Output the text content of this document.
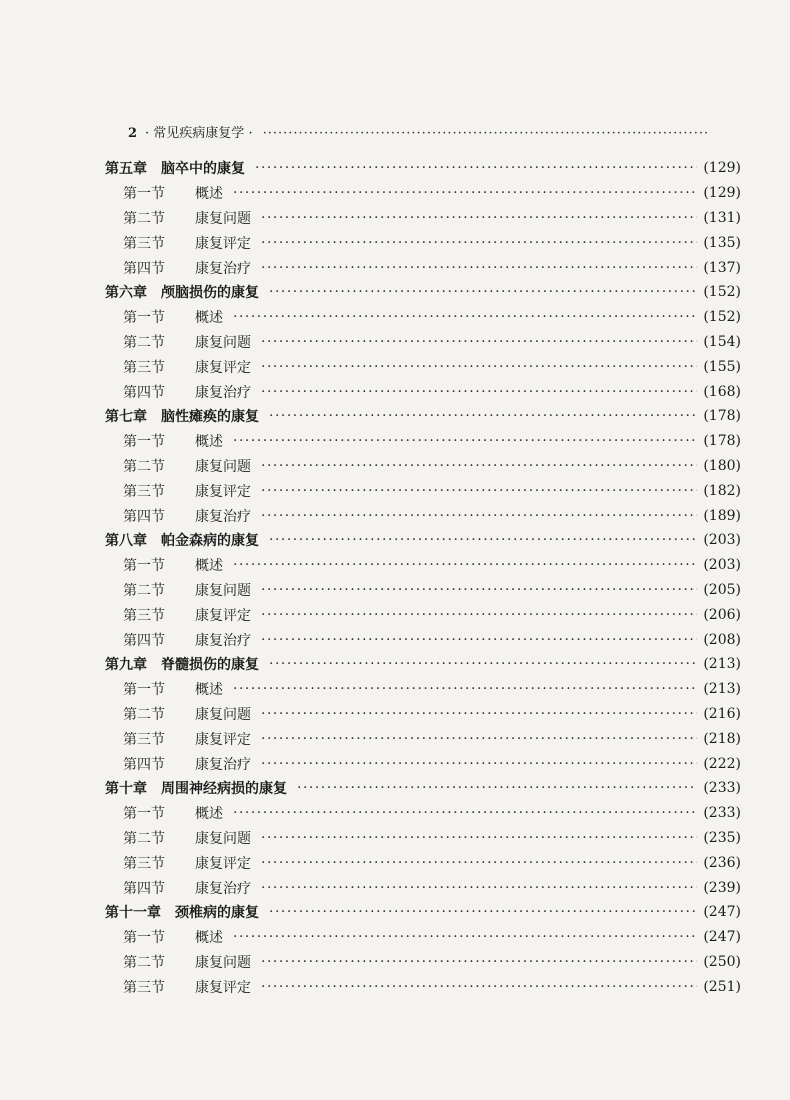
2 · 常见疾病康复学 · ·······················································································
第五章 脑卒中的康复 ·····	(129)
第一节 概述 ·····	(129)
第二节 康复问题 ·····	(131)
第三节 康复评定 ·····	(135)
第四节 康复治疗 ·····	(137)
第六章 颅脑损伤的康复 ·····	(152)
第一节 概述 ·····	(152)
第二节 康复问题 ·····	(154)
第三节 康复评定 ·····	(155)
第四节 康复治疗 ·····	(168)
第七章 脑性瘫痪的康复 ·····	(178)
第一节 概述 ·····	(178)
第二节 康复问题 ·····	(180)
第三节 康复评定 ·····	(182)
第四节 康复治疗 ·····	(189)
第八章 帕金森病的康复 ·····	(203)
第一节 概述 ·····	(203)
第二节 康复问题 ·····	(205)
第三节 康复评定 ·····	(206)
第四节 康复治疗 ·····	(208)
第九章 脊髓损伤的康复 ·····	(213)
第一节 概述 ·····	(213)
第二节 康复问题 ·····	(216)
第三节 康复评定 ·····	(218)
第四节 康复治疗 ·····	(222)
第十章 周围神经病损的康复 ·····	(233)
第一节 概述 ·····	(233)
第二节 康复问题 ·····	(235)
第三节 康复评定 ·····	(236)
第四节 康复治疗 ·····	(239)
第十一章 颈椎病的康复 ·····	(247)
第一节 概述 ·····	(247)
第二节 康复问题 ·····	(250)
第三节 康复评定 ·····	(251)
